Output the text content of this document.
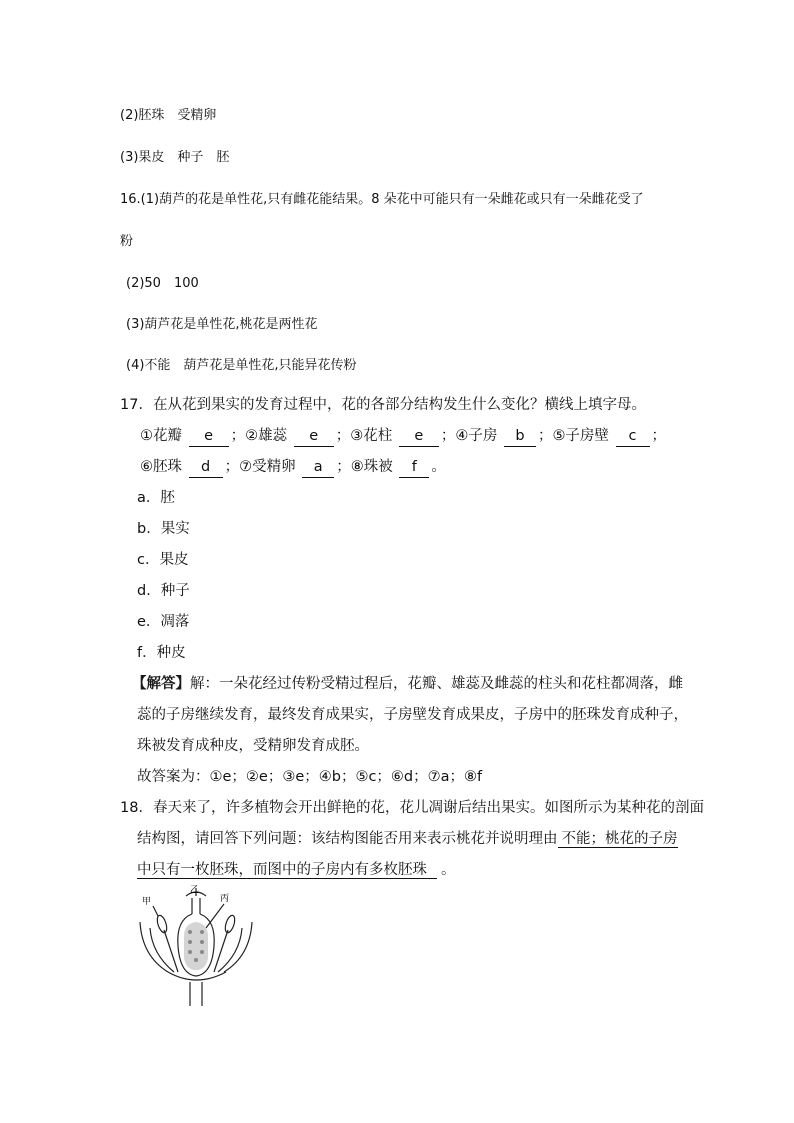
(2)胚珠　受精卵
(3)果皮　种子　胚
16.(1)葫芦的花是单性花,只有雌花能结果。8 朵花中可能只有一朵雌花或只有一朵雌花受了
粉
(2)50　100
(3)葫芦花是单性花,桃花是两性花
(4)不能　葫芦花是单性花,只能异花传粉
17．在从花到果实的发育过程中，花的各部分结构发生什么变化？横线上填字母。
①花瓣 e ；②雄蕊 e ；③花柱 e ；④子房 b ；⑤子房壁 c ；
⑥胚珠 d ；⑦受精卵 a ；⑧珠被 f 。
a．胚
b．果实
c．果皮
d．种子
e．凋落
f．种皮
【解答】解：一朵花经过传粉受精过程后，花瓣、雄蕊及雌蕊的柱头和花柱都凋落，雌
蕊的子房继续发育，最终发育成果实，子房壁发育成果皮，子房中的胚珠发育成种子，
珠被发育成种皮，受精卵发育成胚。
故答案为：①e；②e；③e；④b；⑤c；⑥d；⑦a；⑧f
18．春天来了，许多植物会开出鲜艳的花，花儿凋谢后结出果实。如图所示为某种花的剖面
结构图，请回答下列问题：该结构图能否用来表示桃花并说明理由 不能；桃花的子房
中只有一枚胚珠，而图中的子房内有多枚胚珠 。
甲
乙
丙
